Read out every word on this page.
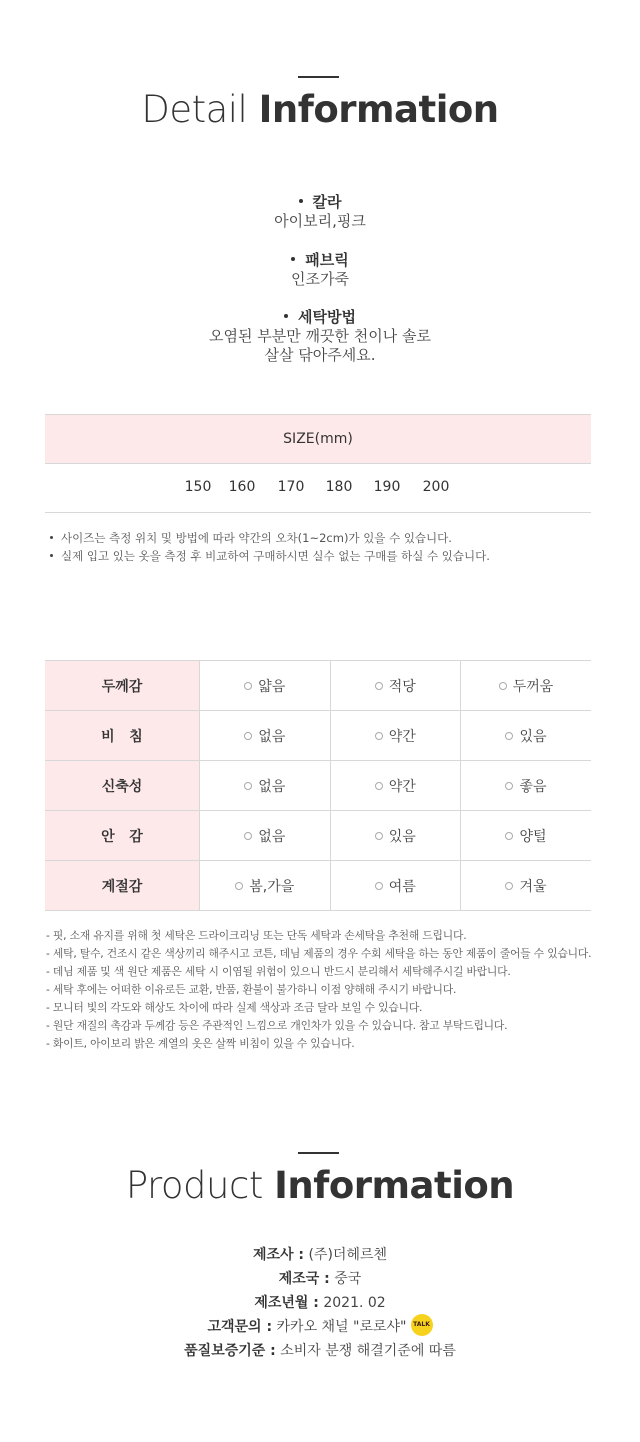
Detail Information
칼라
아이보리,핑크
패브릭
인조가죽
세탁방법
오염된 부분만 깨끗한 천이나 솔로
살살 닦아주세요.
SIZE(mm)
150 160 170 180 190 200
사이즈는 측정 위치 및 방법에 따라 약간의 오차(1~2cm)가 있을 수 있습니다.
실제 입고 있는 옷을 측정 후 비교하여 구매하시면 실수 없는 구매를 하실 수 있습니다.
두께감	얇음	적당	두꺼움
비   침	없음	약간	있음
신축성	없음	약간	좋음
안   감	없음	있음	양털
계절감	봄,가을	여름	겨울
- 핏, 소재 유지를 위해 첫 세탁은 드라이크리닝 또는 단독 세탁과 손세탁을 추천해 드립니다.
- 세탁, 탈수, 건조시 같은 색상끼리 해주시고 코튼, 데님 제품의 경우 수회 세탁을 하는 동안 제품이 줄어들 수 있습니다.
- 데님 제품 및 색 원단 제품은 세탁 시 이염될 위험이 있으니 반드시 분리해서 세탁해주시길 바랍니다.
- 세탁 후에는 어떠한 이유로든 교환, 반품, 환불이 불가하니 이점 양해해 주시기 바랍니다.
- 모니터 빛의 각도와 해상도 차이에 따라 실제 색상과 조금 달라 보일 수 있습니다.
- 원단 재질의 촉감과 두께감 등은 주관적인 느낌으로 개인차가 있을 수 있습니다. 참고 부탁드립니다.
- 화이트, 아이보리 밝은 계열의 옷은 살짝 비침이 있을 수 있습니다.
Product Information
제조사 : (주)더헤르첸
제조국 : 중국
제조년월 : 2021. 02
고객문의 : 카카오 채널 "로로샤" TALK
품질보증기준 : 소비자 분쟁 해결기준에 따름
